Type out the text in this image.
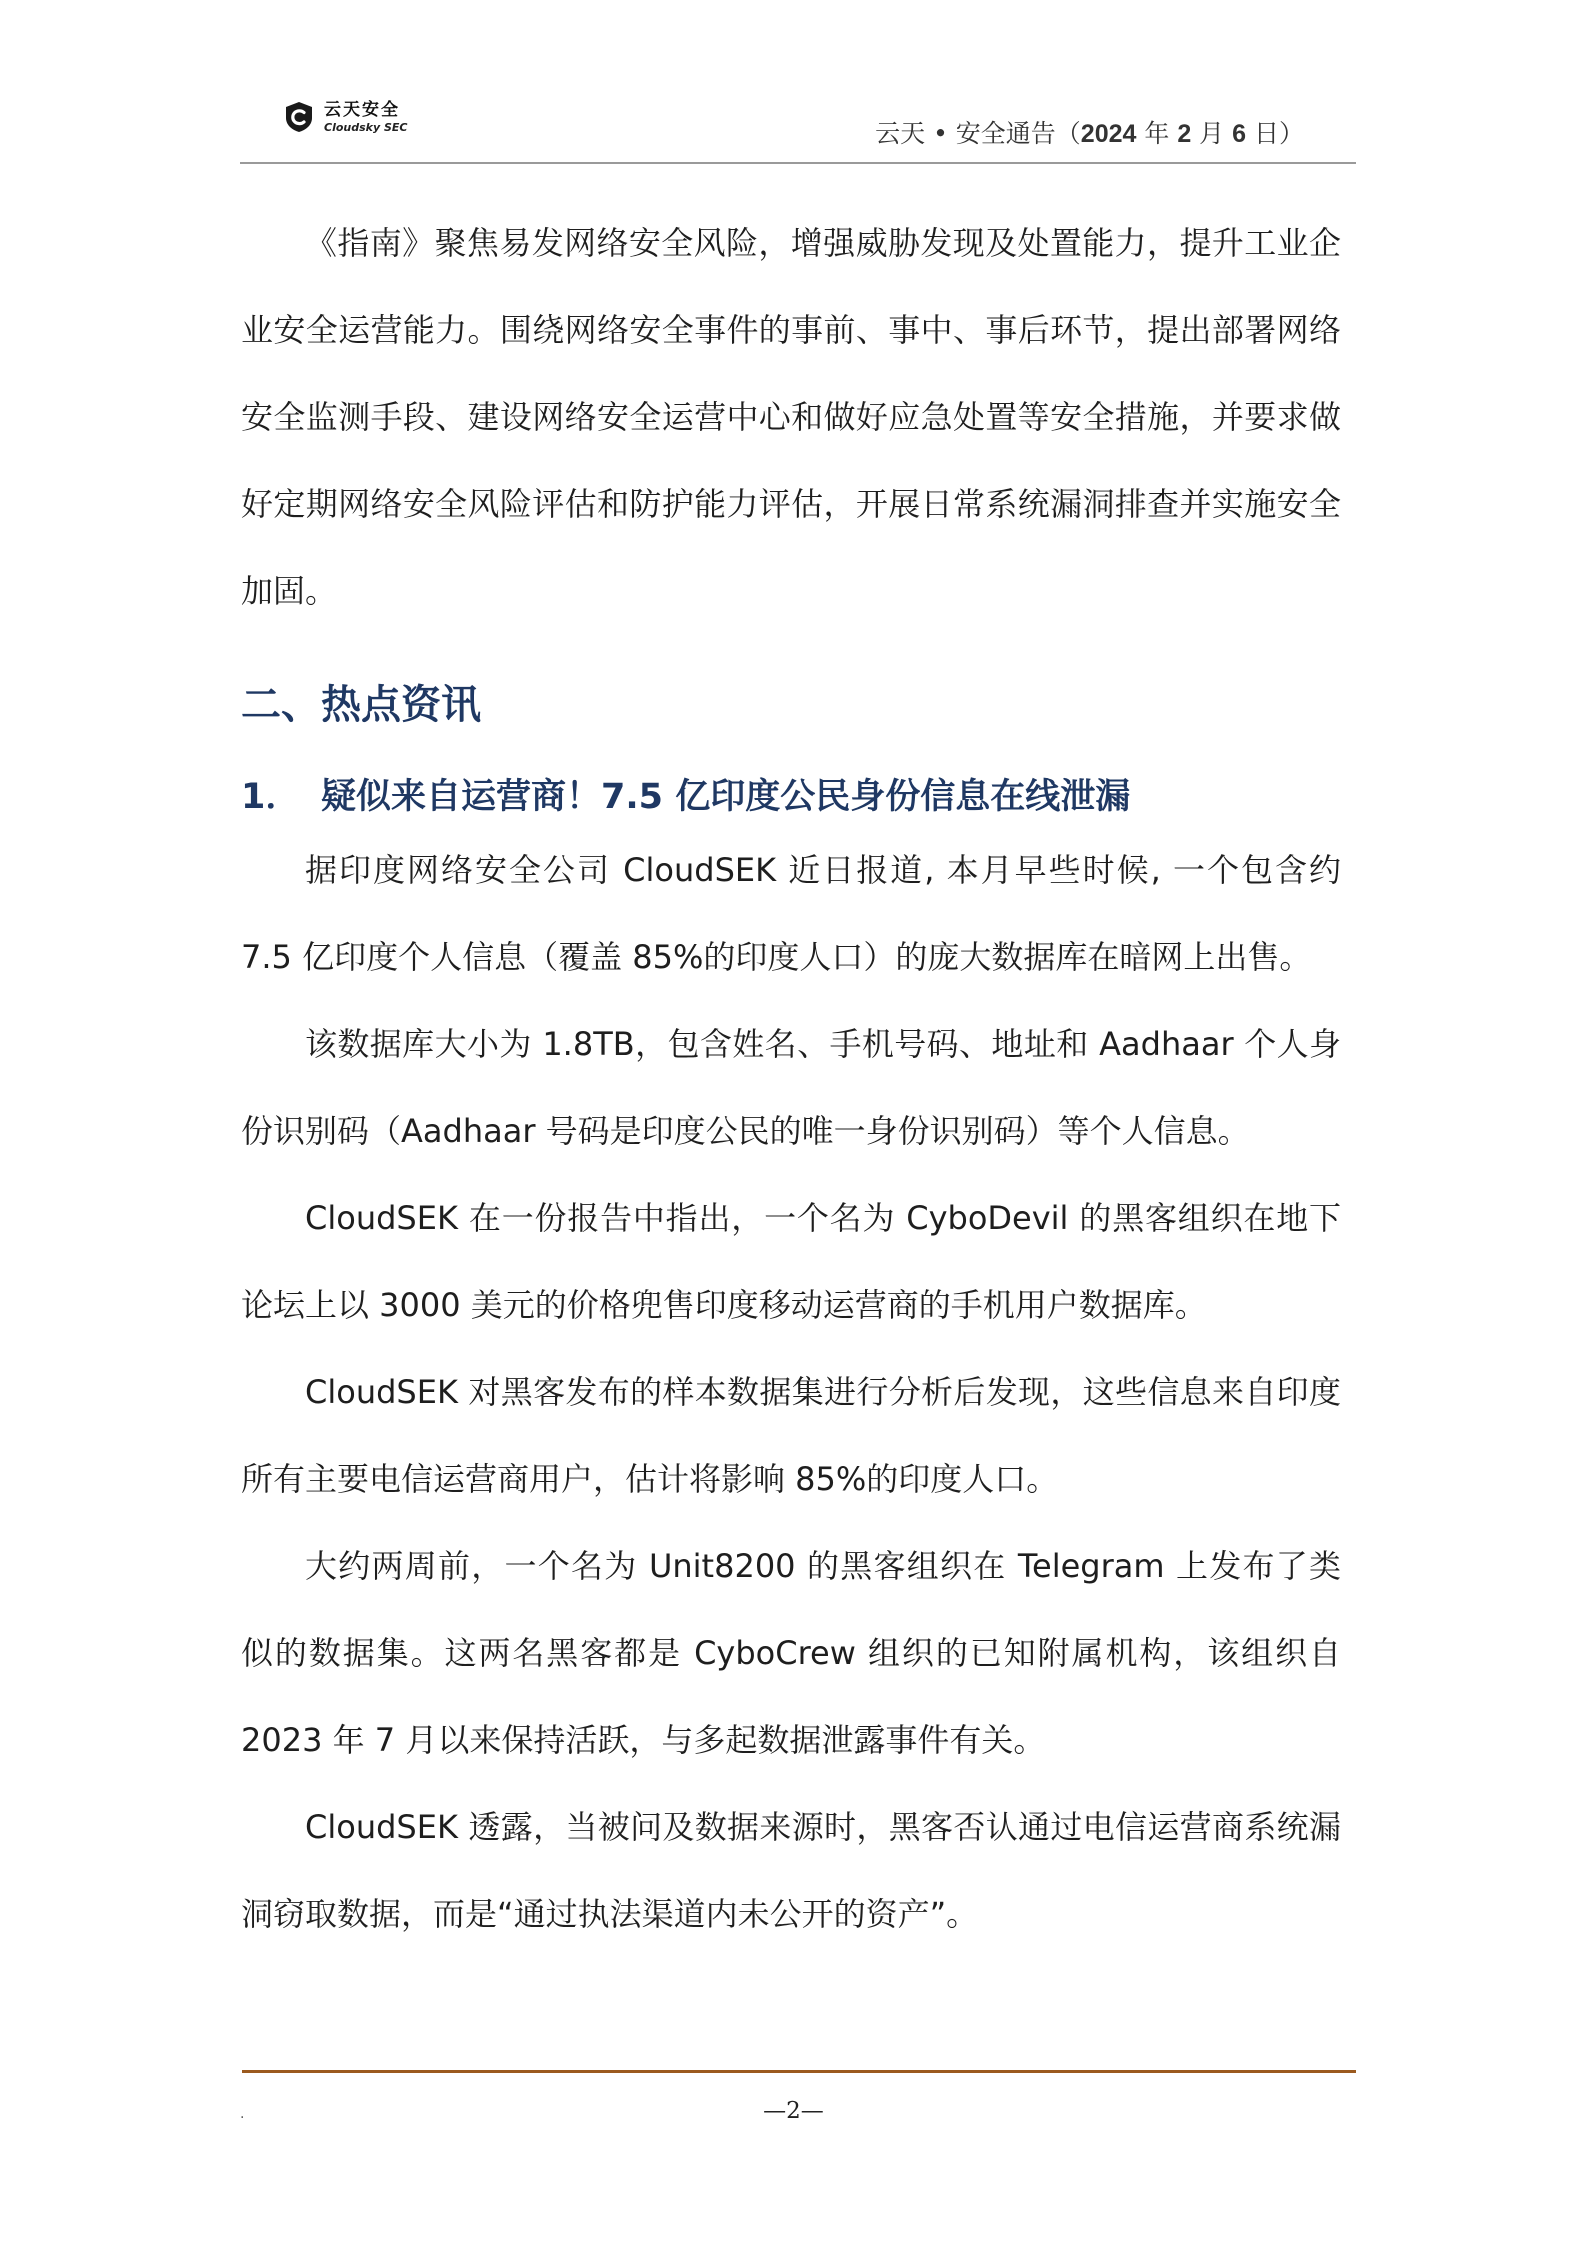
云天安全
Cloudsky SEC	云天 • 安全通告（2024 年 2 月 6 日）

《指南》聚焦易发网络安全风险，增强威胁发现及处置能力，提升工业企业安全运营能力。围绕网络安全事件的事前、事中、事后环节，提出部署网络安全监测手段、建设网络安全运营中心和做好应急处置等安全措施，并要求做好定期网络安全风险评估和防护能力评估，开展日常系统漏洞排查并实施安全加固。

二、热点资讯
1． 疑似来自运营商！7.5 亿印度公民身份信息在线泄漏

据印度网络安全公司 CloudSEK 近日报道, 本月早些时候, 一个包含约 7.5 亿印度个人信息（覆盖 85%的印度人口）的庞大数据库在暗网上出售。

该数据库大小为 1.8TB，包含姓名、手机号码、地址和 Aadhaar 个人身份识别码（Aadhaar 号码是印度公民的唯一身份识别码）等个人信息。

CloudSEK 在一份报告中指出，一个名为 CyboDevil 的黑客组织在地下论坛上以 3000 美元的价格兜售印度移动运营商的手机用户数据库。

CloudSEK 对黑客发布的样本数据集进行分析后发现，这些信息来自印度所有主要电信运营商用户，估计将影响 85%的印度人口。

大约两周前，一个名为 Unit8200 的黑客组织在 Telegram 上发布了类似的数据集。这两名黑客都是 CyboCrew 组织的已知附属机构，该组织自 2023 年 7 月以来保持活跃，与多起数据泄露事件有关。

CloudSEK 透露，当被问及数据来源时，黑客否认通过电信运营商系统漏洞窃取数据，而是“通过执法渠道内未公开的资产”。

.	—2—
